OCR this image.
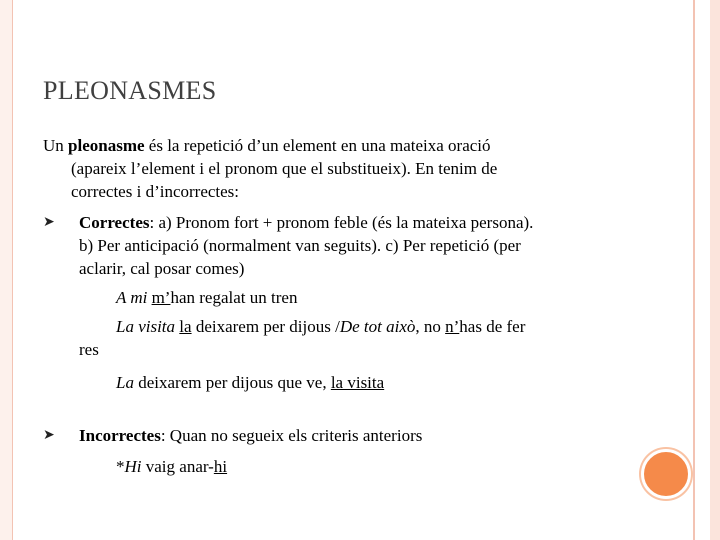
PLEONASMES

Un pleonasme és la repetició d’un element en una mateixa oració

(apareix l’element i el pronom que el substitueix). En tenim de

correctes i d’incorrectes:

➤ Correctes: a) Pronom fort + pronom feble (és la mateixa persona).

b) Per anticipació (normalment van seguits). c) Per repetició (per

aclarir, cal posar comes)

A mi m’han regalat un tren

La visita la deixarem per dijous /De tot això, no n’has de fer

res

La deixarem per dijous que ve, la visita

➤ Incorrectes: Quan no segueix els criteris anteriors

*Hi vaig anar-hi
